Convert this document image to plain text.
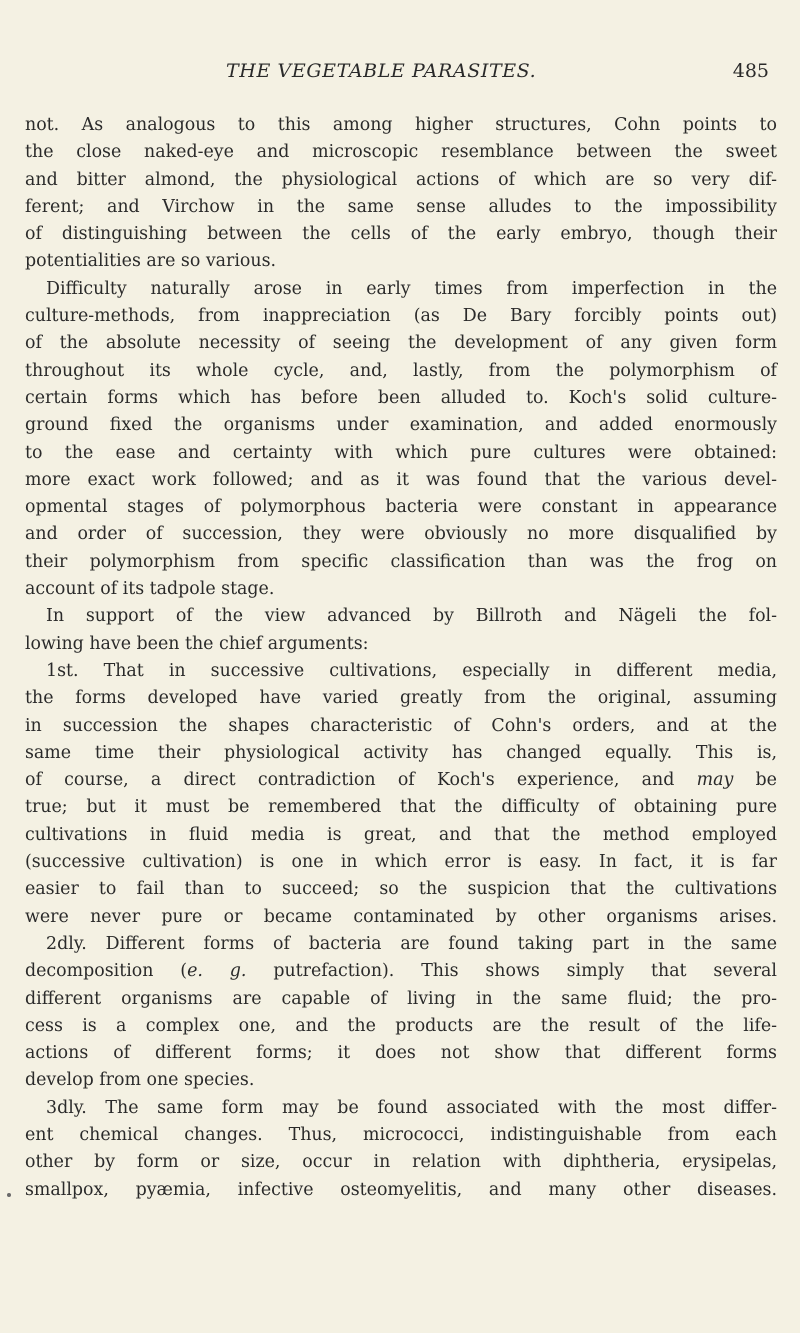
THE VEGETABLE PARASITES.	485
not. As analogous to this among higher structures, Cohn points to
the close naked-eye and microscopic resemblance between the sweet
and bitter almond, the physiological actions of which are so very dif-
ferent; and Virchow in the same sense alludes to the impossibility
of distinguishing between the cells of the early embryo, though their
potentialities are so various.
Difficulty naturally arose in early times from imperfection in the
culture-methods, from inappreciation (as De Bary forcibly points out)
of the absolute necessity of seeing the development of any given form
throughout its whole cycle, and, lastly, from the polymorphism of
certain forms which has before been alluded to. Koch's solid culture-
ground fixed the organisms under examination, and added enormously
to the ease and certainty with which pure cultures were obtained:
more exact work followed; and as it was found that the various devel-
opmental stages of polymorphous bacteria were constant in appearance
and order of succession, they were obviously no more disqualified by
their polymorphism from specific classification than was the frog on
account of its tadpole stage.
In support of the view advanced by Billroth and Nägeli the fol-
lowing have been the chief arguments:
1st. That in successive cultivations, especially in different media,
the forms developed have varied greatly from the original, assuming
in succession the shapes characteristic of Cohn's orders, and at the
same time their physiological activity has changed equally. This is,
of course, a direct contradiction of Koch's experience, and may be
true; but it must be remembered that the difficulty of obtaining pure
cultivations in fluid media is great, and that the method employed
(successive cultivation) is one in which error is easy. In fact, it is far
easier to fail than to succeed; so the suspicion that the cultivations
were never pure or became contaminated by other organisms arises.
2dly. Different forms of bacteria are found taking part in the same
decomposition (e. g. putrefaction). This shows simply that several
different organisms are capable of living in the same fluid; the pro-
cess is a complex one, and the products are the result of the life-
actions of different forms; it does not show that different forms
develop from one species.
3dly. The same form may be found associated with the most differ-
ent chemical changes. Thus, micrococci, indistinguishable from each
other by form or size, occur in relation with diphtheria, erysipelas,
smallpox, pyæmia, infective osteomyelitis, and many other diseases.
